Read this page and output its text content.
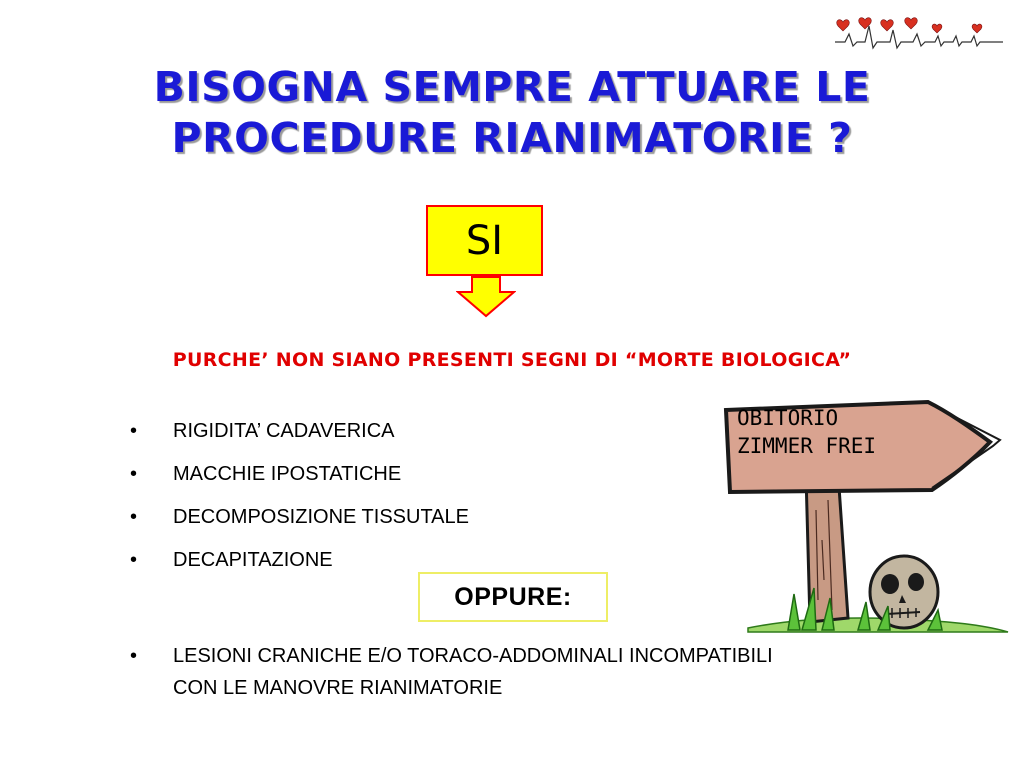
BISOGNA SEMPRE ATTUARE LE
PROCEDURE RIANIMATORIE ?
SI

PURCHE’ NON SIANO PRESENTI SEGNI DI “MORTE BIOLOGICA”

• RIGIDITA’ CADAVERICA
• MACCHIE IPOSTATICHE
• DECOMPOSIZIONE TISSUTALE
• DECAPITAZIONE
OPPURE:
• LESIONI CRANICHE E/O TORACO-ADDOMINALI INCOMPATIBILI
CON LE MANOVRE RIANIMATORIE
OBITORIO
ZIMMER FREI
